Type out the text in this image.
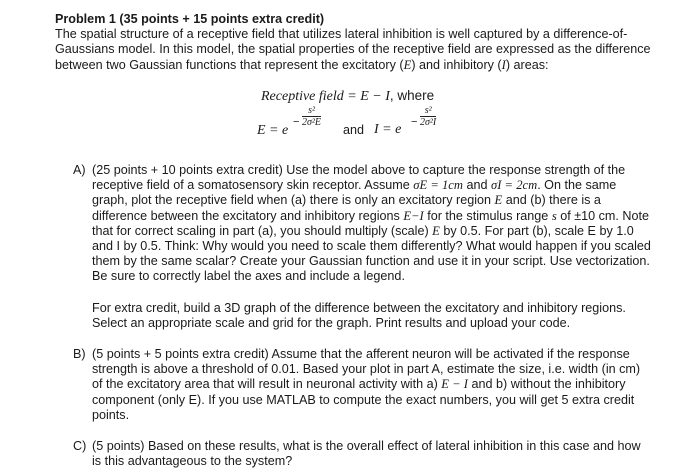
Problem 1 (35 points + 15 points extra credit)
The spatial structure of a receptive field that utilizes lateral inhibition is well captured by a difference-of-Gaussians model. In this model, the spatial properties of the receptive field are expressed as the difference between two Gaussian functions that represent the excitatory (E) and inhibitory (I) areas:
Receptive field = E − I, where
E = e
− $\frac{\text{s²}}{\text{2σ²E}}$
and $I = e - \frac{\text{s²}}{\text{2σ²I}}$
A) (25 points + 10 points extra credit) Use the model above to capture the response strength of the receptive field of a somatosensory skin receptor. Assume σE = 1cm and σI = 2cm. On the same graph, plot the receptive field when (a) there is only an excitatory region E and (b) there is a difference between the excitatory and inhibitory regions E−I for the stimulus range s of ±10 cm. Note that for correct scaling in part (a), you should multiply (scale) E by 0.5. For part (b), scale E by 1.0 and I by 0.5. Think: Why would you need to scale them differently? What would happen if you scaled them by the same scalar? Create your Gaussian function and use it in your script. Use vectorization. Be sure to correctly label the axes and include a legend.
For extra credit, build a 3D graph of the difference between the excitatory and inhibitory regions. Select an appropriate scale and grid for the graph. Print results and upload your code.
B) (5 points + 5 points extra credit) Assume that the afferent neuron will be activated if the response strength is above a threshold of 0.01. Based your plot in part A, estimate the size, i.e. width (in cm) of the excitatory area that will result in neuronal activity with a) E − I and b) without the inhibitory component (only E). If you use MATLAB to compute the exact numbers, you will get 5 extra credit points.
C) (5 points) Based on these results, what is the overall effect of lateral inhibition in this case and how is this advantageous to the system?
